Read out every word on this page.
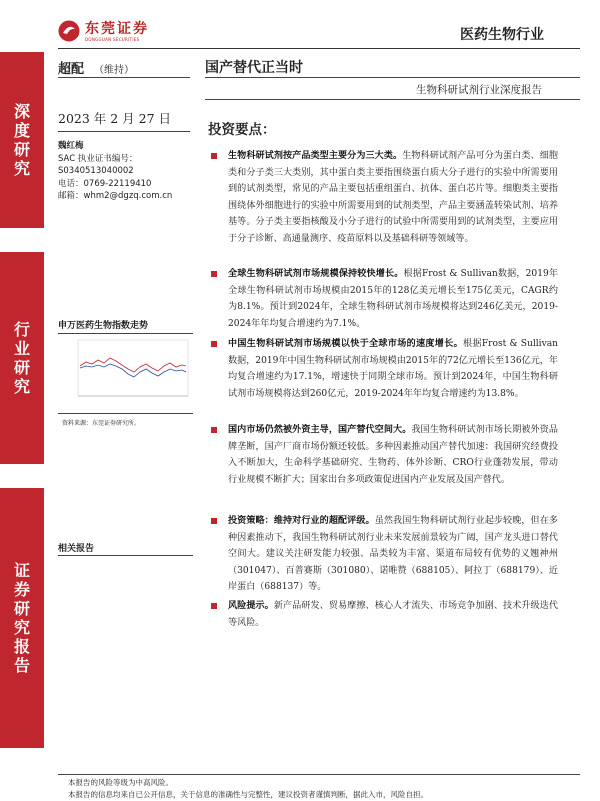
深度研究
行业研究
证券研究报告
东莞证券
DONGGUAN SECURITIES	医药生物行业
超配 （维持）	国产替代正当时
生物科研试剂行业深度报告
2023 年 2 月 27 日
魏红梅
SAC 执业证书编号：
S0340513040002
电话：0769-22119410
邮箱：whm2@dgzq.com.cn
申万医药生物指数走势
资料来源：东莞证券研究所。
相关报告
投资要点：
生物科研试剂按产品类型主要分为三大类。生物科研试剂产品可分为蛋白类、细胞类和分子类三大类别，其中蛋白类主要指围绕蛋白质大分子进行的实验中所需要用到的试剂类型，常见的产品主要包括重组蛋白、抗体、蛋白芯片等。细胞类主要指围绕体外细胞进行的实验中所需要用到的试剂类型，产品主要涵盖转染试剂、培养基等。分子类主要指核酸及小分子进行的试验中所需要用到的试剂类型，主要应用于分子诊断、高通量测序、疫苗原料以及基础科研等领域等。
全球生物科研试剂市场规模保持较快增长。根据Frost & Sullivan数据，2019年全球生物科研试剂市场规模由2015年的128亿美元增长至175亿美元，CAGR约为8.1%。预计到2024年，全球生物科研试剂市场规模将达到246亿美元，2019-2024年年均复合增速约为7.1%。
中国生物科研试剂市场规模以快于全球市场的速度增长。根据Frost & Sullivan数据，2019年中国生物科研试剂市场规模由2015年的72亿元增长至136亿元，年均复合增速约为17.1%，增速快于同期全球市场。预计到2024年，中国生物科研试剂市场规模将达到260亿元，2019-2024年年均复合增速约为13.8%。
国内市场仍然被外资主导，国产替代空间大。我国生物科研试剂市场长期被外资品牌垄断，国产厂商市场份额还较低。多种因素推动国产替代加速：我国研究经费投入不断加大，生命科学基础研究、生物药、体外诊断、CRO行业蓬勃发展，带动行业规模不断扩大；国家出台多项政策促进国内产业发展及国产替代。
投资策略：维持对行业的超配评级。虽然我国生物科研试剂行业起步较晚，但在多种因素推动下，我国生物科研试剂行业未来发展前景较为广阔，国产龙头进口替代空间大。建议关注研发能力较强、品类较为丰富、渠道布局较有优势的义翘神州（301047）、百普赛斯（301080）、诺唯赞（688105）、阿拉丁（688179）、近岸蛋白（688137）等。
风险提示。新产品研发、贸易摩擦、核心人才流失、市场竞争加剧、技术升级迭代等风险。
本报告的风险等级为中高风险。
本报告的信息均来自已公开信息，关于信息的准确性与完整性，建议投资者谨慎判断，据此入市，风险自担。
